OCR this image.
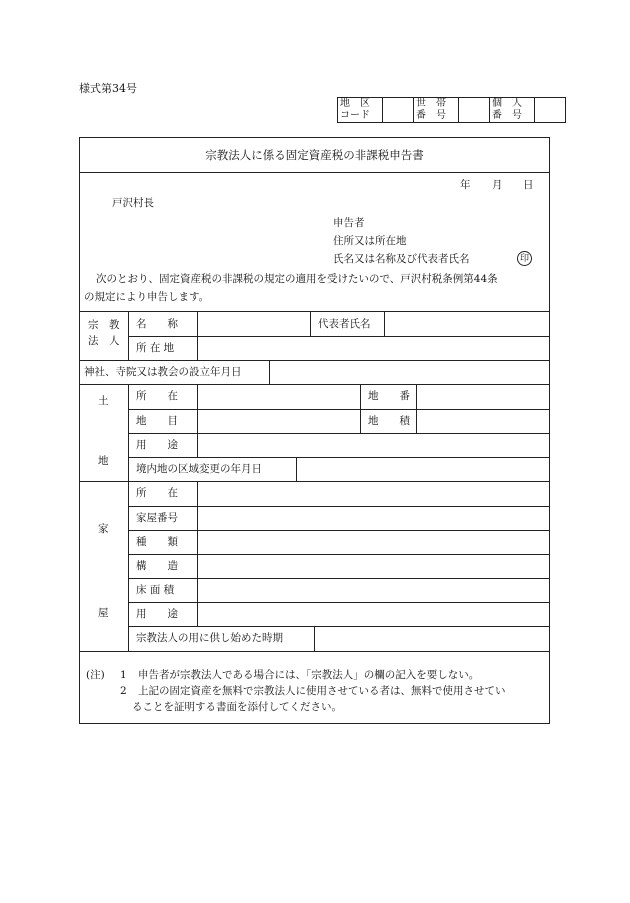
様式第34号
地　区
コード

世　帯
番　号

個　人
番　号

宗教法人に係る固定資産税の非課税申告書
年 月 日
戸沢村長
申告者
住所又は所在地
氏名又は名称及び代表者氏名	印
次のとおり、固定資産税の非課税の規定の適用を受けたいので、戸沢村税条例第44条
の規定により申告します。
宗　教
法　人
名　　称	代表者氏名
所 在 地
神社、寺院又は教会の設立年月日
土
地
所　　在	地　　番
地　　目	地　　積
用　　途
境内地の区域変更の年月日
家
屋
所　　在
家屋番号
種　　類
構　　造
床 面 積
用　　途
宗教法人の用に供し始めた時期
(注) 1 申告者が宗教法人である場合には、「宗教法人」の欄の記入を要しない。
2 上記の固定資産を無料で宗教法人に使用させている者は、無料で使用させてい
ることを証明する書面を添付してください。
